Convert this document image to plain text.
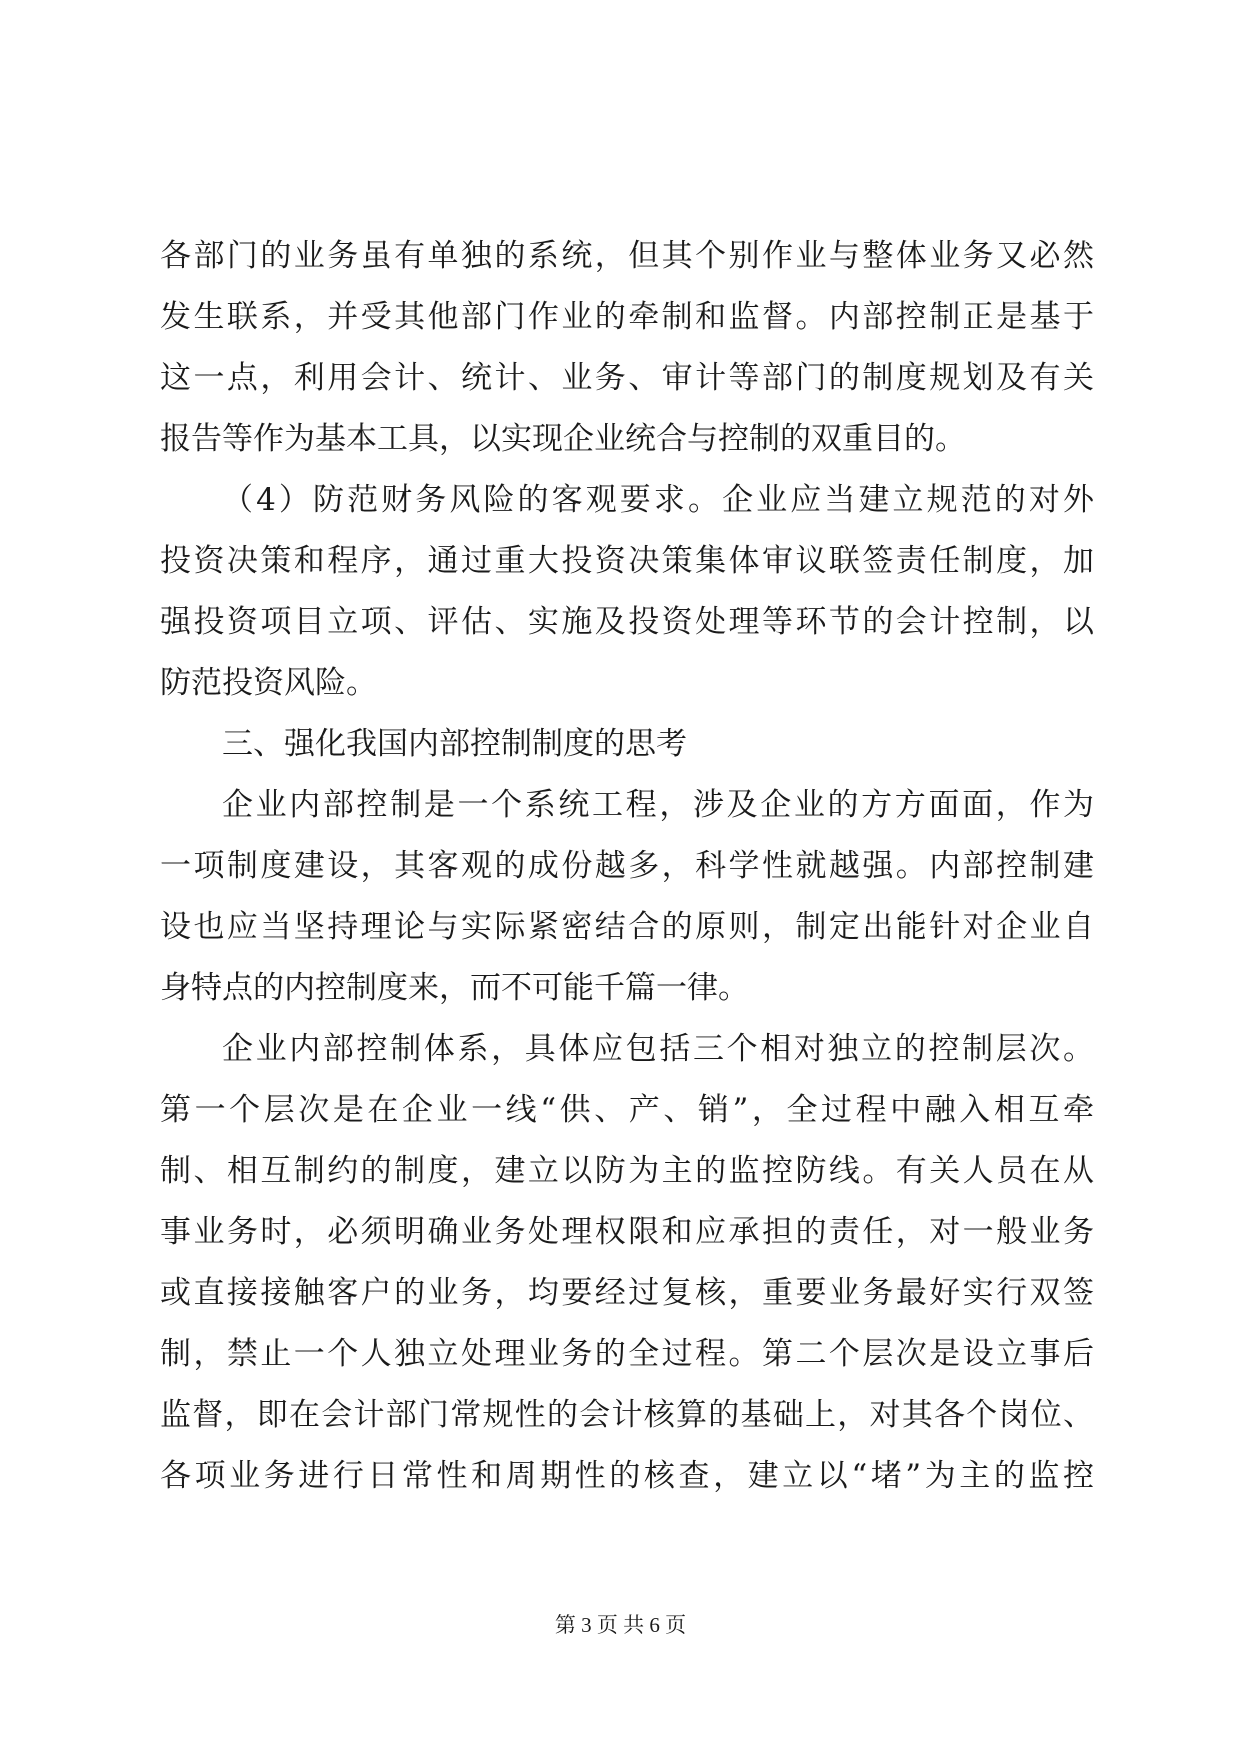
各部门的业务虽有单独的系统，但其个别作业与整体业务又必然
发生联系，并受其他部门作业的牵制和监督。内部控制正是基于
这一点，利用会计、统计、业务、审计等部门的制度规划及有关
报告等作为基本工具，以实现企业统合与控制的双重目的。
（4）防范财务风险的客观要求。企业应当建立规范的对外
投资决策和程序，通过重大投资决策集体审议联签责任制度，加
强投资项目立项、评估、实施及投资处理等环节的会计控制，以
防范投资风险。
三、强化我国内部控制制度的思考
企业内部控制是一个系统工程，涉及企业的方方面面，作为
一项制度建设，其客观的成份越多，科学性就越强。内部控制建
设也应当坚持理论与实际紧密结合的原则，制定出能针对企业自
身特点的内控制度来，而不可能千篇一律。
企业内部控制体系，具体应包括三个相对独立的控制层次。
第一个层次是在企业一线“供、产、销”，全过程中融入相互牵
制、相互制约的制度，建立以防为主的监控防线。有关人员在从
事业务时，必须明确业务处理权限和应承担的责任，对一般业务
或直接接触客户的业务，均要经过复核，重要业务最好实行双签
制，禁止一个人独立处理业务的全过程。第二个层次是设立事后
监督，即在会计部门常规性的会计核算的基础上，对其各个岗位、
各项业务进行日常性和周期性的核查，建立以“堵”为主的监控
第 3 页 共 6 页
